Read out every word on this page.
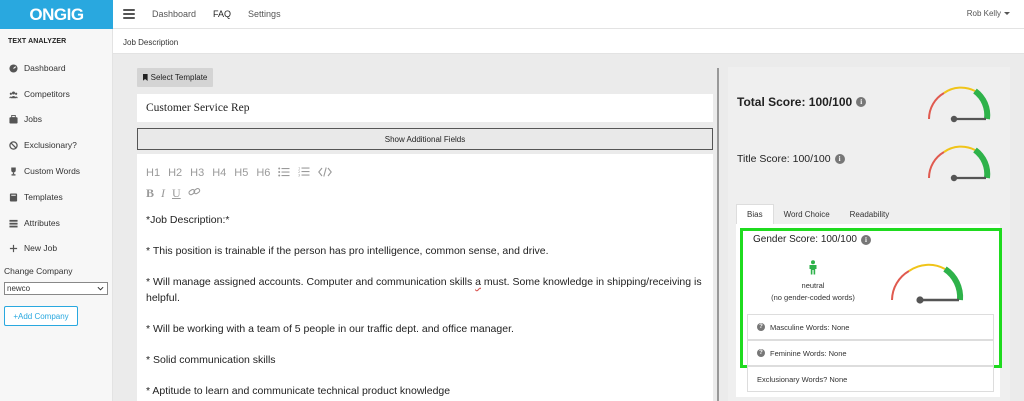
ONGIG	Dashboard FAQ Settings	Rob Kelly
TEXT ANALYZER
Dashboard
Competitors
Jobs
Exclusionary?
Custom Words
Templates
Attributes
New Job
Change Company
newco
+Add Company
Job Description
Select Template
Customer Service Rep
Show Additional Fields
H1 H2 H3 H4 H5 H6	1
2
3
B I U

*Job Description:*

* This position is trainable if the person has pro intelligence, common sense, and drive.

* Will manage assigned accounts. Computer and communication skills a must. Some knowledge in shipping/receiving is helpful.

* Will be working with a team of 5 people in our traffic dept. and office manager.

* Solid communication skills

* Aptitude to learn and communicate technical product knowledge

Total Score: 100/100	i
Title Score: 100/100	i
Bias	Word Choice	Readability
Gender Score: 100/100	i
neutral
(no gender-coded words)
? Masculine Words: None
? Feminine Words: None
Exclusionary Words? None
